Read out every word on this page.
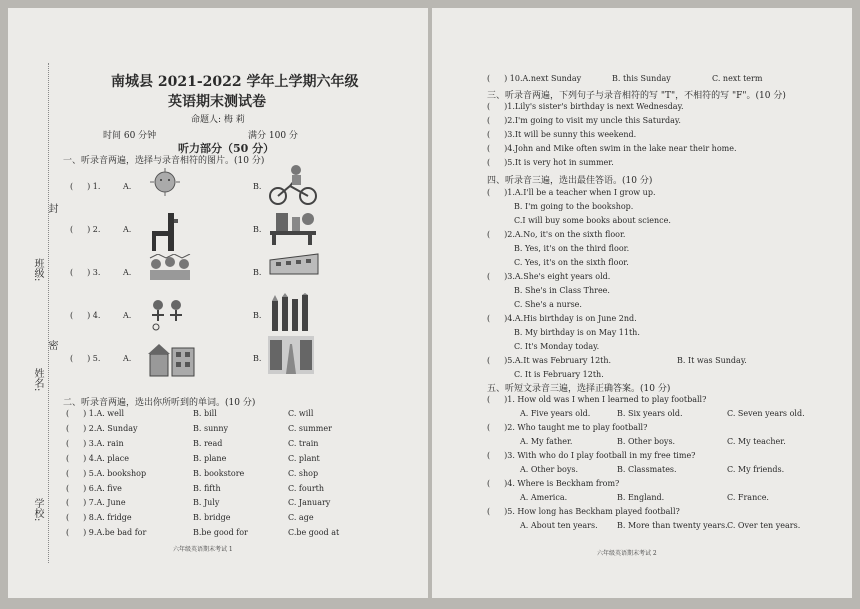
学校:
姓名:
班级:
封
密
南城县 2021-2022 学年上学期六年级
英语期末测试卷
命题人: 梅 莉
时间 60 分钟	满分 100 分
听力部分（50 分）
一、听录音两遍，选择与录音相符的图片。(10 分)
( ) 1.	A.	B.
( ) 2.	A.	B.
( ) 3.	A.	B.
( ) 4.	A.	B.
( ) 5.	A.	B.
二、听录音两遍，选出你所听到的单词。(10 分)
( ) 1.A. well	B. bill	C. will
( ) 2.A. Sunday	B. sunny	C. summer
( ) 3.A. rain	B. read	C. train
( ) 4.A. place	B. plane	C. plant
( ) 5.A. bookshop	B. bookstore	C. shop
( ) 6.A. five	B. fifth	C. fourth
( ) 7.A. June	B. July	C. January
( ) 8.A. fridge	B. bridge	C. age
( ) 9.A.be bad for	B.be good for	C.be good at
六年级英语期末考试 1
( ) 10.A.next Sunday	B. this Sunday	C. next term
三、听录音两遍，下列句子与录音相符的写 "T"，不相符的写 "F"。(10 分)
( )1.Lily's sister's birthday is next Wednesday.
( )2.I'm going to visit my uncle this Saturday.
( )3.It will be sunny this weekend.
( )4.John and Mike often swim in the lake near their home.
( )5.It is very hot in summer.
四、听录音三遍，选出最佳答语。(10 分)
( )1.A.I'll be a teacher when I grow up.
B. I'm going to the bookshop.
C.I will buy some books about science.
( )2.A.No, it's on the sixth floor.
B. Yes, it's on the third floor.
C. Yes, it's on the sixth floor.
( )3.A.She's eight years old.
B. She's in Class Three.
C. She's a nurse.
( )4.A.His birthday is on June 2nd.
B. My birthday is on May 11th.
C. It's Monday today.
( )5.A.It was February 12th.	B. It was Sunday.
C. It is February 12th.
五、听短文录音三遍，选择正确答案。(10 分)
( )1. How old was I when I learned to play football?
A. Five years old.	B. Six years old.	C. Seven years old.
( )2. Who taught me to play football?
A. My father.	B. Other boys.	C. My teacher.
( )3. With who do I play football in my free time?
A. Other boys.	B. Classmates.	C. My friends.
( )4. Where is Beckham from?
A. America.	B. England.	C. France.
( )5. How long has Beckham played football?
A. About ten years. B. More than twenty years. C. Over ten years.
六年级英语期末考试 2
